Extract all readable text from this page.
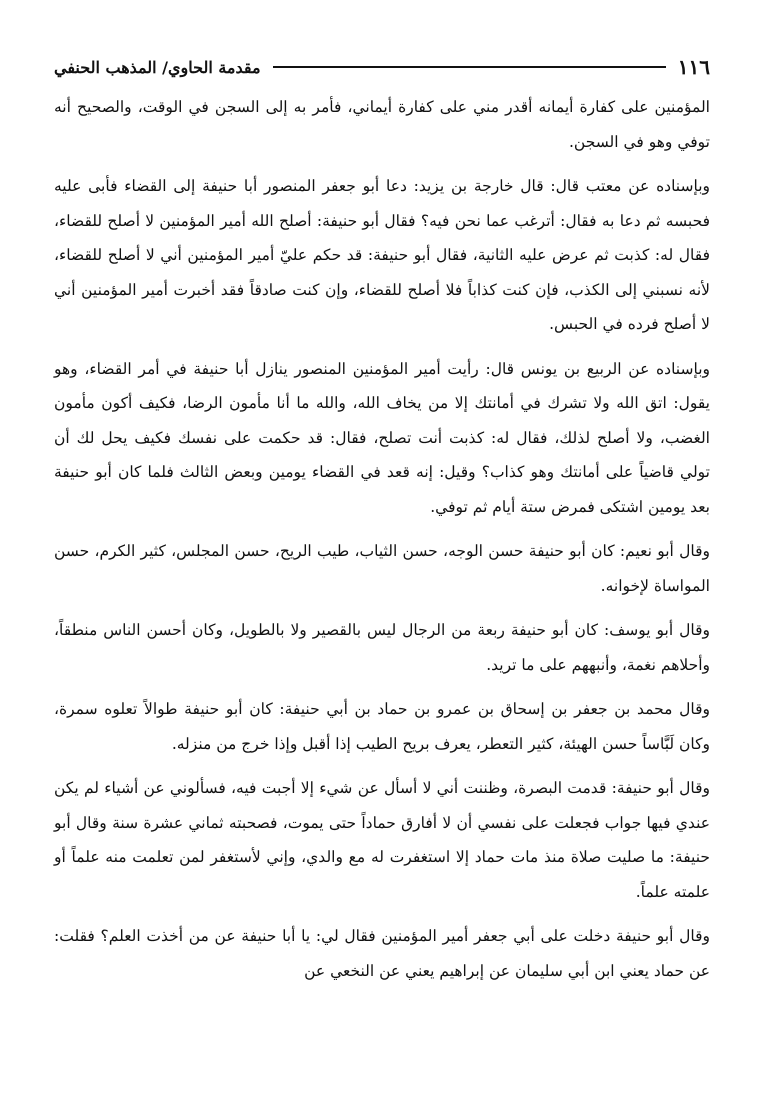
١١٦
مقدمة الحاوي/ المذهب الحنفي

المؤمنين على كفارة أيمانه أقدر مني على كفارة أيماني، فأمر به إلى السجن في الوقت، والصحيح أنه توفي وهو في السجن.

وبإسناده عن معتب قال: قال خارجة بن يزيد: دعا أبو جعفر المنصور أبا حنيفة إلى القضاء فأبى عليه فحبسه ثم دعا به فقال: أترغب عما نحن فيه؟ فقال أبو حنيفة: أصلح الله أمير المؤمنين لا أصلح للقضاء، فقال له: كذبت ثم عرض عليه الثانية، فقال أبو حنيفة: قد حكم عليّ أمير المؤمنين أني لا أصلح للقضاء، لأنه نسبني إلى الكذب، فإن كنت كذاباً فلا أصلح للقضاء، وإن كنت صادقاً فقد أخبرت أمير المؤمنين أني لا أصلح فرده في الحبس.

وبإسناده عن الربيع بن يونس قال: رأيت أمير المؤمنين المنصور ينازل أبا حنيفة في أمر القضاء، وهو يقول: اتق الله ولا تشرك في أمانتك إلا من يخاف الله، والله ما أنا مأمون الرضا، فكيف أكون مأمون الغضب، ولا أصلح لذلك، فقال له: كذبت أنت تصلح، فقال: قد حكمت على نفسك فكيف يحل لك أن تولي قاضياً على أمانتك وهو كذاب؟ وقيل: إنه قعد في القضاء يومين وبعض الثالث فلما كان أبو حنيفة بعد يومين اشتكى فمرض ستة أيام ثم توفي.

وقال أبو نعيم: كان أبو حنيفة حسن الوجه، حسن الثياب، طيب الريح، حسن المجلس، كثير الكرم، حسن المواساة لإخوانه.

وقال أبو يوسف: كان أبو حنيفة ربعة من الرجال ليس بالقصير ولا بالطويل، وكان أحسن الناس منطقاً، وأحلاهم نغمة، وأنبههم على ما تريد.

وقال محمد بن جعفر بن إسحاق بن عمرو بن حماد بن أبي حنيفة: كان أبو حنيفة طوالاً تعلوه سمرة، وكان لَبَّاساً حسن الهيئة، كثير التعطر، يعرف بريح الطيب إذا أقبل وإذا خرج من منزله.

وقال أبو حنيفة: قدمت البصرة، وظننت أني لا أسأل عن شيء إلا أجبت فيه، فسألوني عن أشياء لم يكن عندي فيها جواب فجعلت على نفسي أن لا أفارق حماداً حتى يموت، فصحبته ثماني عشرة سنة وقال أبو حنيفة: ما صليت صلاة منذ مات حماد إلا استغفرت له مع والدي، وإني لأستغفر لمن تعلمت منه علماً أو علمته علماً.

وقال أبو حنيفة دخلت على أبي جعفر أمير المؤمنين فقال لي: يا أبا حنيفة عن من أخذت العلم؟ فقلت: عن حماد يعني ابن أبي سليمان عن إبراهيم يعني عن النخعي عن
